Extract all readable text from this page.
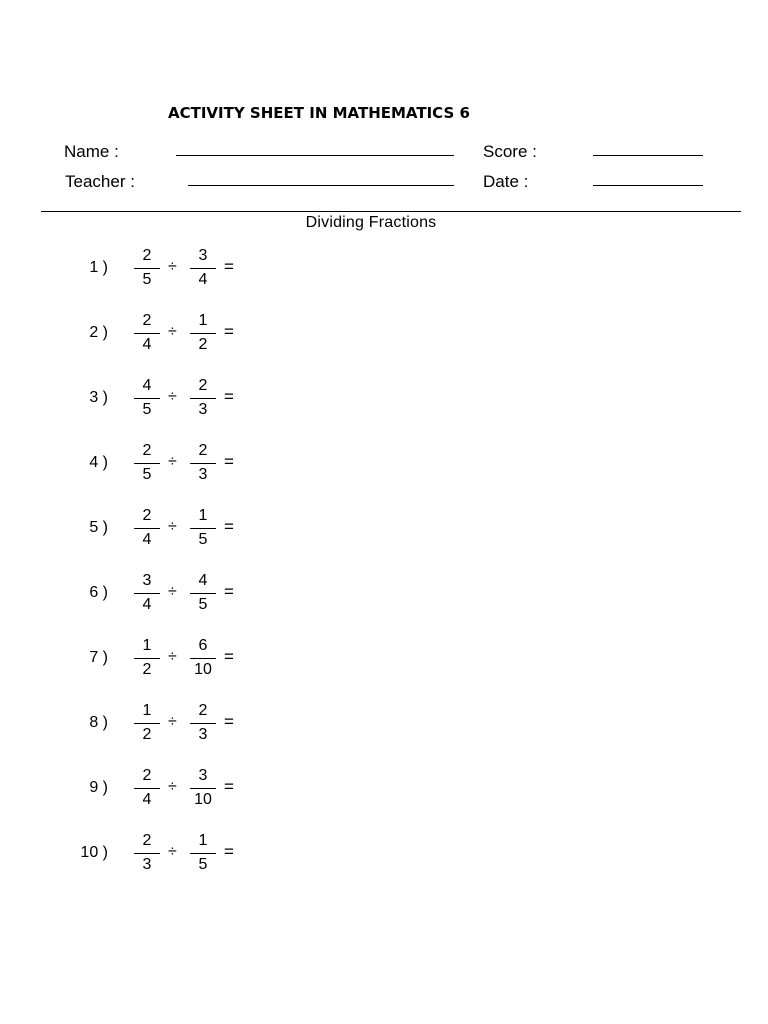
ACTIVITY SHEET IN MATHEMATICS 6
Name :	Score :
Teacher :	Date :
Dividing Fractions
1 )
2
5
÷
3
4
=
2 )
2
4
÷
1
2
=
3 )
4
5
÷
2
3
=
4 )
2
5
÷
2
3
=
5 )
2
4
÷
1
5
=
6 )
3
4
÷
4
5
=
7 )
1
2
÷
6
10
=
8 )
1
2
÷
2
3
=
9 )
2
4
÷
3
10
=
10 )
2
3
÷
1
5
=
